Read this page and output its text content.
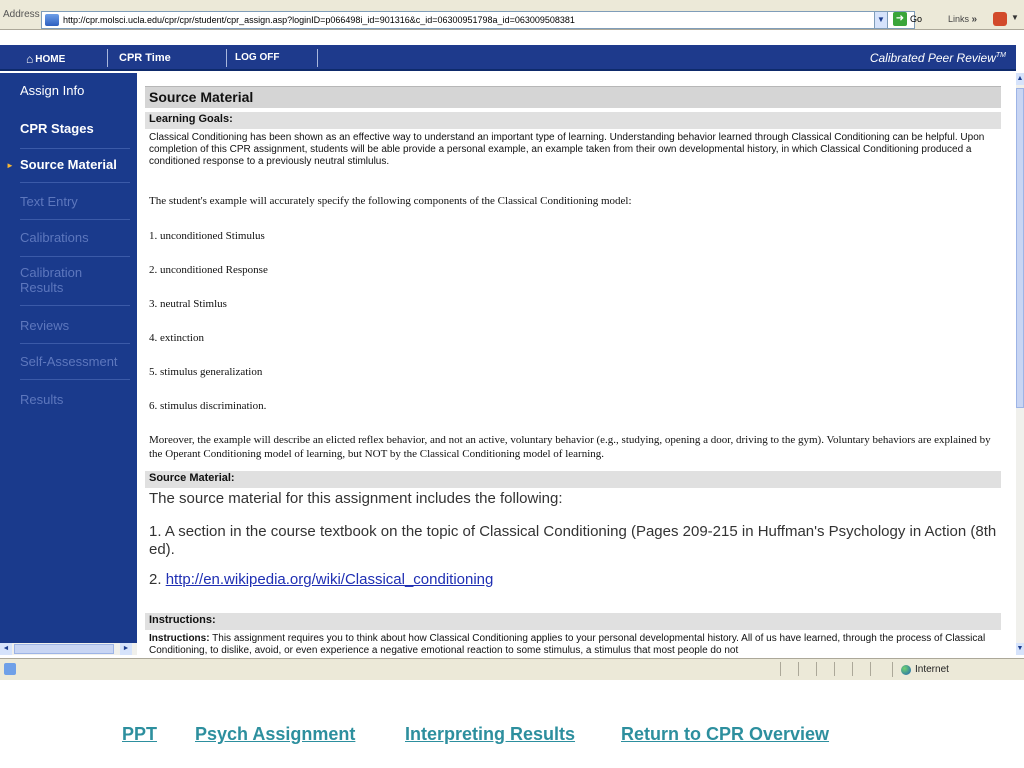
Address	http://cpr.molsci.ucla.edu/cpr/cpr/student/cpr_assign.asp?loginID=p066498i_id=901316&c_id=06300951798a_id=063009508381	▼	➜ Go	Links »	▼
⌂ HOME	CPR Time	LOG OFF	Calibrated Peer Review™
Assign Info
CPR Stages
► Source Material
Text Entry
Calibrations
Calibration Results
Reviews
Self-Assessment
Results
Source Material
Learning Goals:
Classical Conditioning has been shown as an effective way to understand an important type of learning. Understanding behavior learned through Classical Conditioning can be helpful. Upon completion of this CPR assignment, students will be able provide a personal example, an example taken from their own developmental history, in which Classical Conditioning produced a conditioned response to a previously neutral stimlulus.
The student's example will accurately specify the following components of the Classical Conditioning model:
1. unconditioned Stimulus
2. unconditioned Response
3. neutral Stimlus
4. extinction
5. stimulus generalization
6. stimulus discrimination.
Moreover, the example will describe an elicted reflex behavior, and not an active, voluntary behavior (e.g., studying, opening a door, driving to the gym). Voluntary behaviors are explained by the Operant Conditioning model of learning, but NOT by the Classical Conditioning model of learning.
Source Material:
The source material for this assignment includes the following:
1. A section in the course textbook on the topic of Classical Conditioning (Pages 209-215 in Huffman's Psychology in Action (8th ed).
2. http://en.wikipedia.org/wiki/Classical_conditioning
Instructions:
Instructions: This assignment requires you to think about how Classical Conditioning applies to your personal developmental history. All of us have learned, through the process of Classical Conditioning, to dislike, avoid, or even experience a negative emotional reaction to some stimulus, a stimulus that most people do not
▲
▼
◄	►
Internet
PPT Psych Assignment	Interpreting Results	Return to CPR Overview
